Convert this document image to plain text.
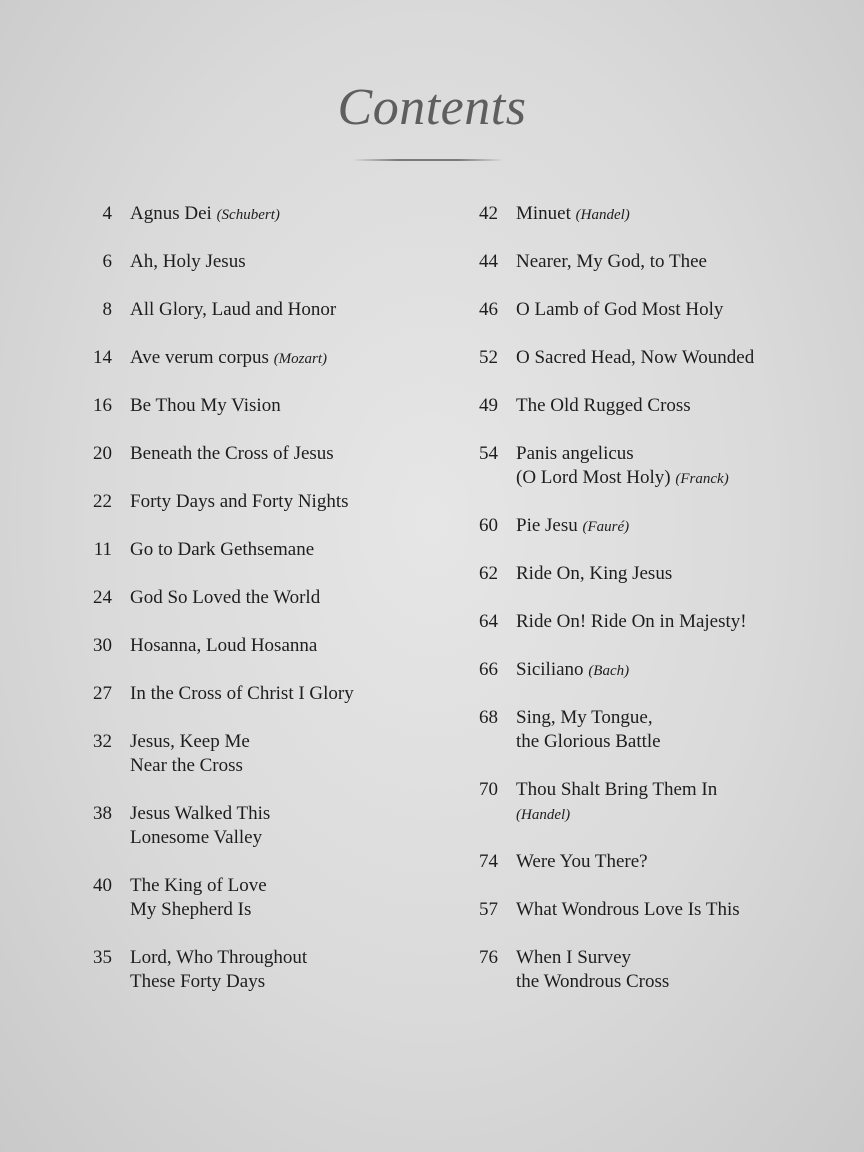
Contents
4 Agnus Dei (Schubert)
6 Ah, Holy Jesus
8 All Glory, Laud and Honor
14 Ave verum corpus (Mozart)
16 Be Thou My Vision
20 Beneath the Cross of Jesus
22 Forty Days and Forty Nights
11 Go to Dark Gethsemane
24 God So Loved the World
30 Hosanna, Loud Hosanna
27 In the Cross of Christ I Glory
32 Jesus, Keep Me
Near the Cross
38 Jesus Walked This
Lonesome Valley
40 The King of Love
My Shepherd Is
35 Lord, Who Throughout
These Forty Days
42 Minuet (Handel)
44 Nearer, My God, to Thee
46 O Lamb of God Most Holy
52 O Sacred Head, Now Wounded
49 The Old Rugged Cross
54 Panis angelicus
(O Lord Most Holy) (Franck)
60 Pie Jesu (Fauré)
62 Ride On, King Jesus
64 Ride On! Ride On in Majesty!
66 Siciliano (Bach)
68 Sing, My Tongue,
the Glorious Battle
70 Thou Shalt Bring Them In
(Handel)
74 Were You There?
57 What Wondrous Love Is This
76 When I Survey
the Wondrous Cross
